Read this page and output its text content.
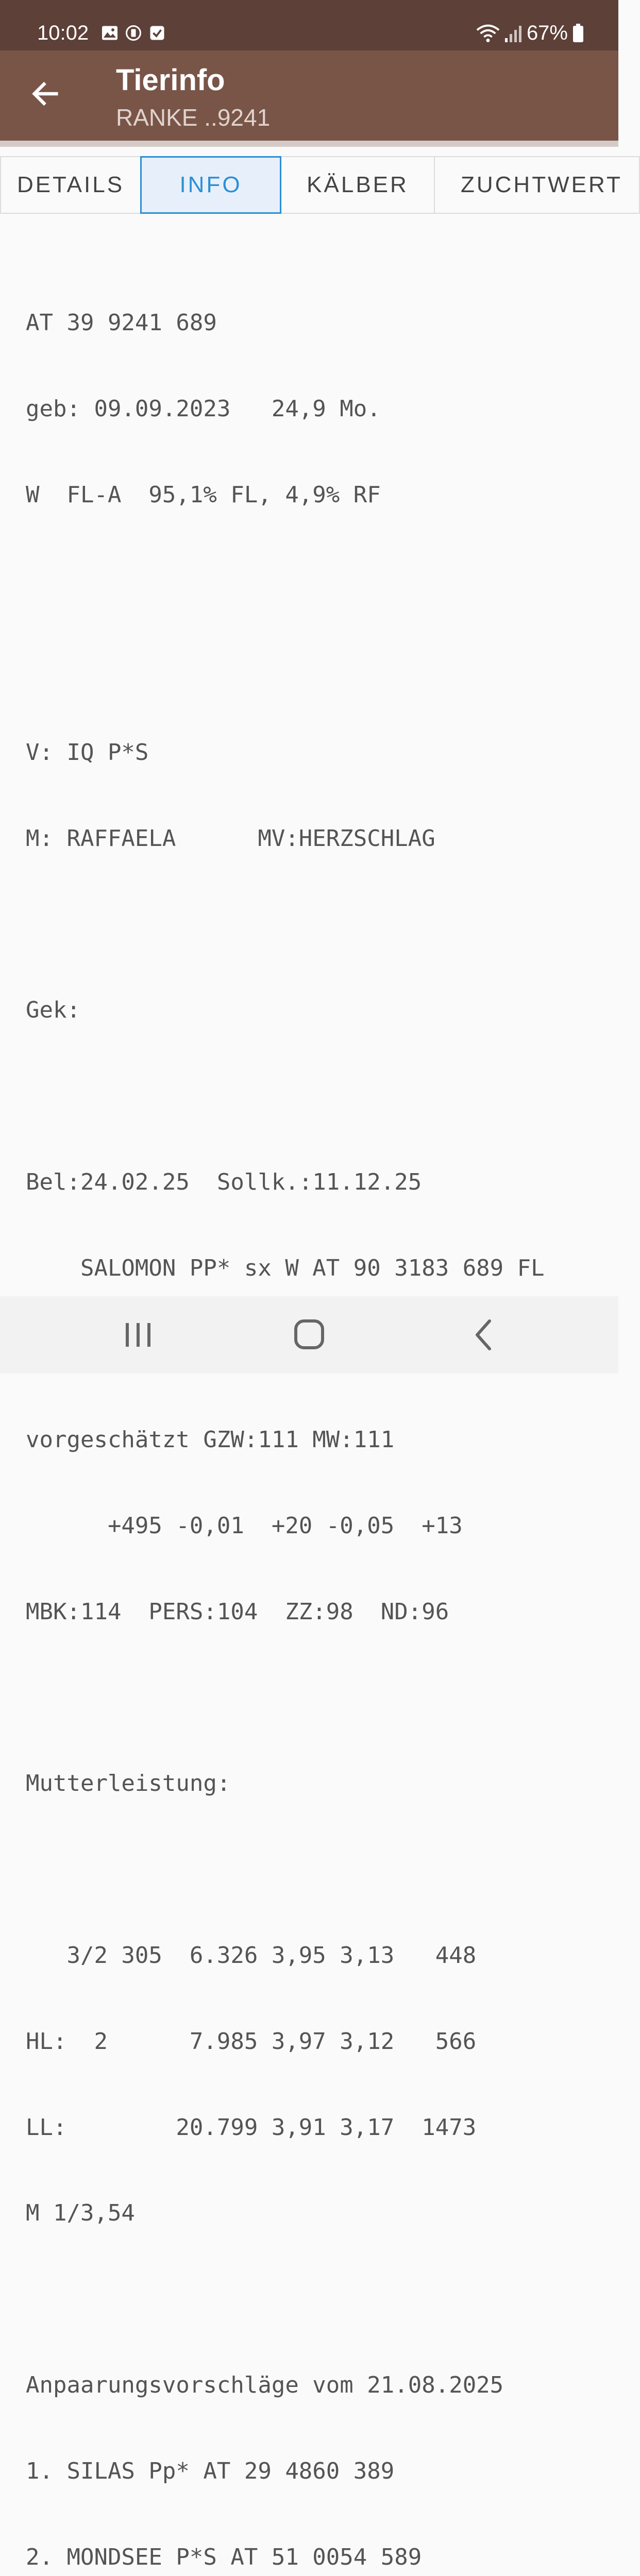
10:02	67%
Tierinfo
RANKE ..9241
DETAILS	INFO	KÄLBER	ZUCHTWERT

AT 39 9241 689

geb: 09.09.2023   24,9 Mo.

W  FL-A  95,1% FL, 4,9% RF

V: IQ P*S

M: RAFFAELA      MV:HERZSCHLAG

Gek:

Bel:24.02.25  Sollk.:11.12.25

SALOMON PP* sx W AT 90 3183 689 FL

vorgeschätzt GZW:111 MW:111

+495 -0,01  +20 -0,05  +13

MBK:114  PERS:104  ZZ:98  ND:96

Mutterleistung:

3/2 305  6.326 3,95 3,13   448

HL:  2      7.985 3,97 3,12   566

LL:        20.799 3,91 3,17  1473

M 1/3,54

Anpaarungsvorschläge vom 21.08.2025

1. SILAS Pp* AT 29 4860 389

2. MONDSEE P*S AT 51 0054 589
